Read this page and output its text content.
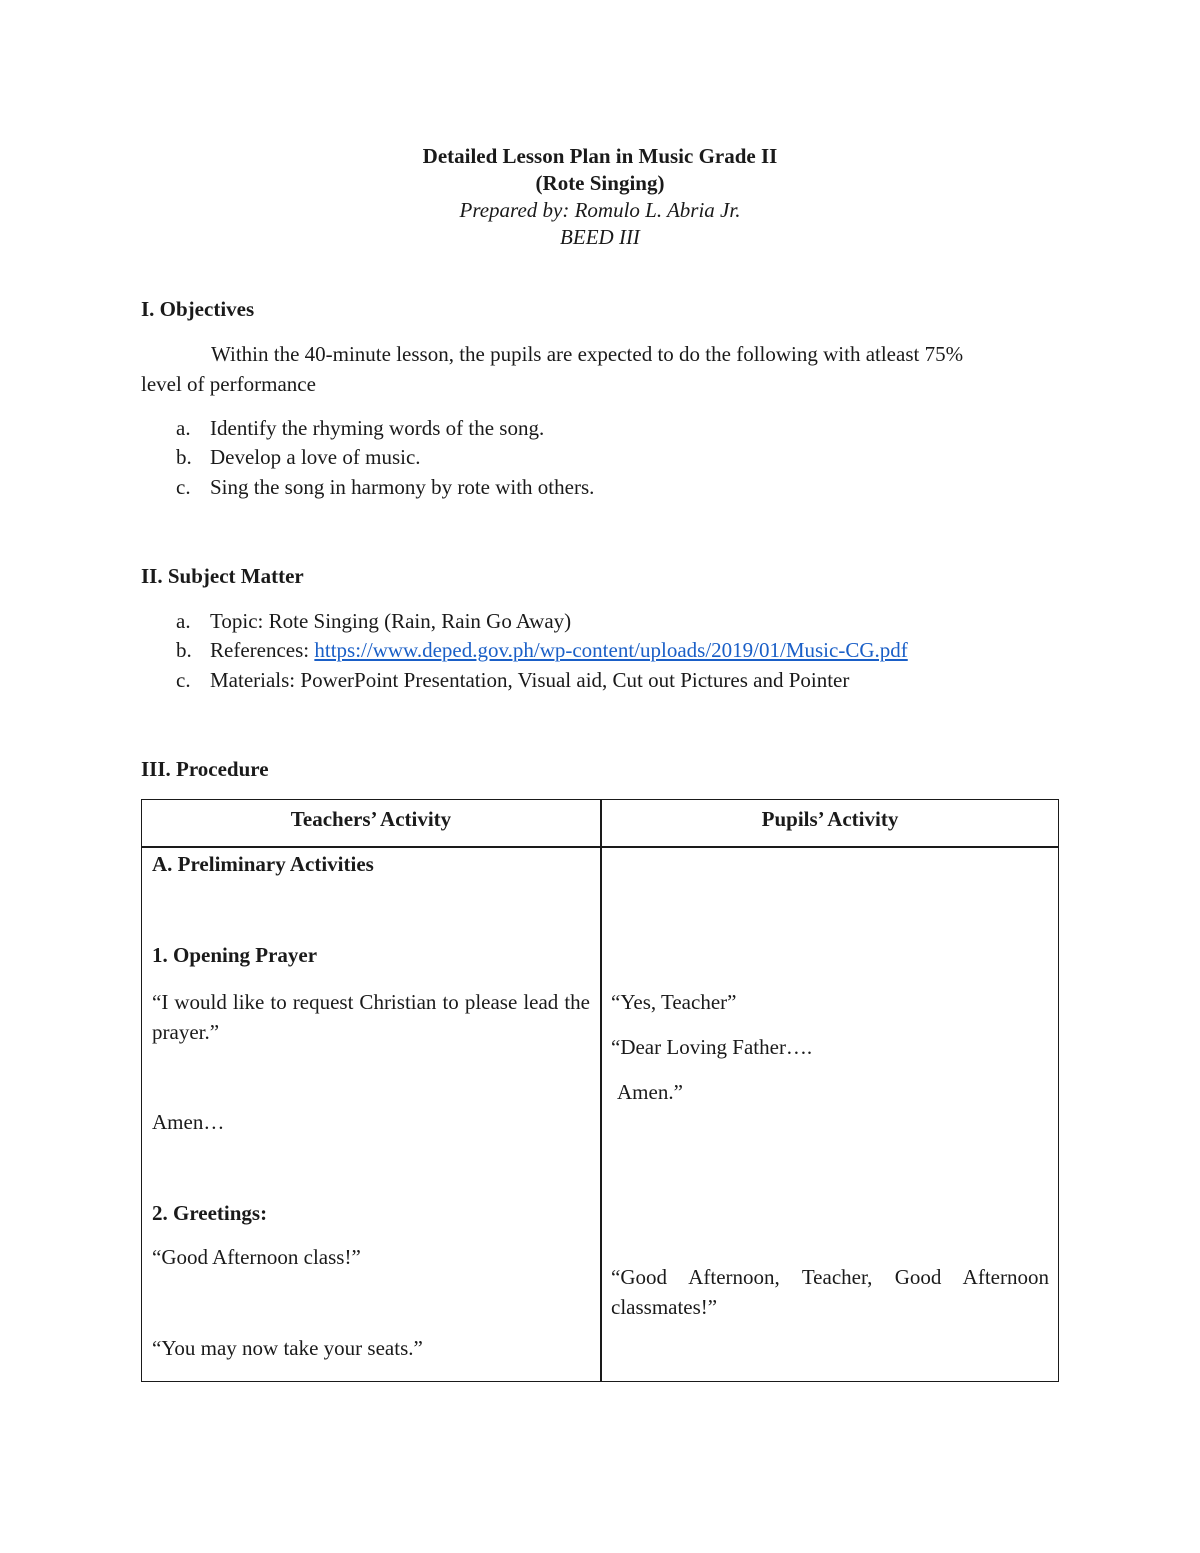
Detailed Lesson Plan in Music Grade II
(Rote Singing)
Prepared by: Romulo L. Abria Jr.
BEED III
I. Objectives
Within the 40-minute lesson, the pupils are expected to do the following with atleast 75%
level of performance
a. Identify the rhyming words of the song.
b. Develop a love of music.
c. Sing the song in harmony by rote with others.
II. Subject Matter
a. Topic: Rote Singing (Rain, Rain Go Away)
b. References: https://www.deped.gov.ph/wp-content/uploads/2019/01/Music-CG.pdf
c. Materials: PowerPoint Presentation, Visual aid, Cut out Pictures and Pointer
III. Procedure
Teachers’ Activity	Pupils’ Activity
A. Preliminary Activities
1. Opening Prayer
“I would like to request Christian to please lead the prayer.”
Amen…
2. Greetings:
“Good Afternoon class!”
“You may now take your seats.”
“Yes, Teacher”
“Dear Loving Father….
Amen.”
“Good Afternoon, Teacher, Good Afternoon classmates!”
